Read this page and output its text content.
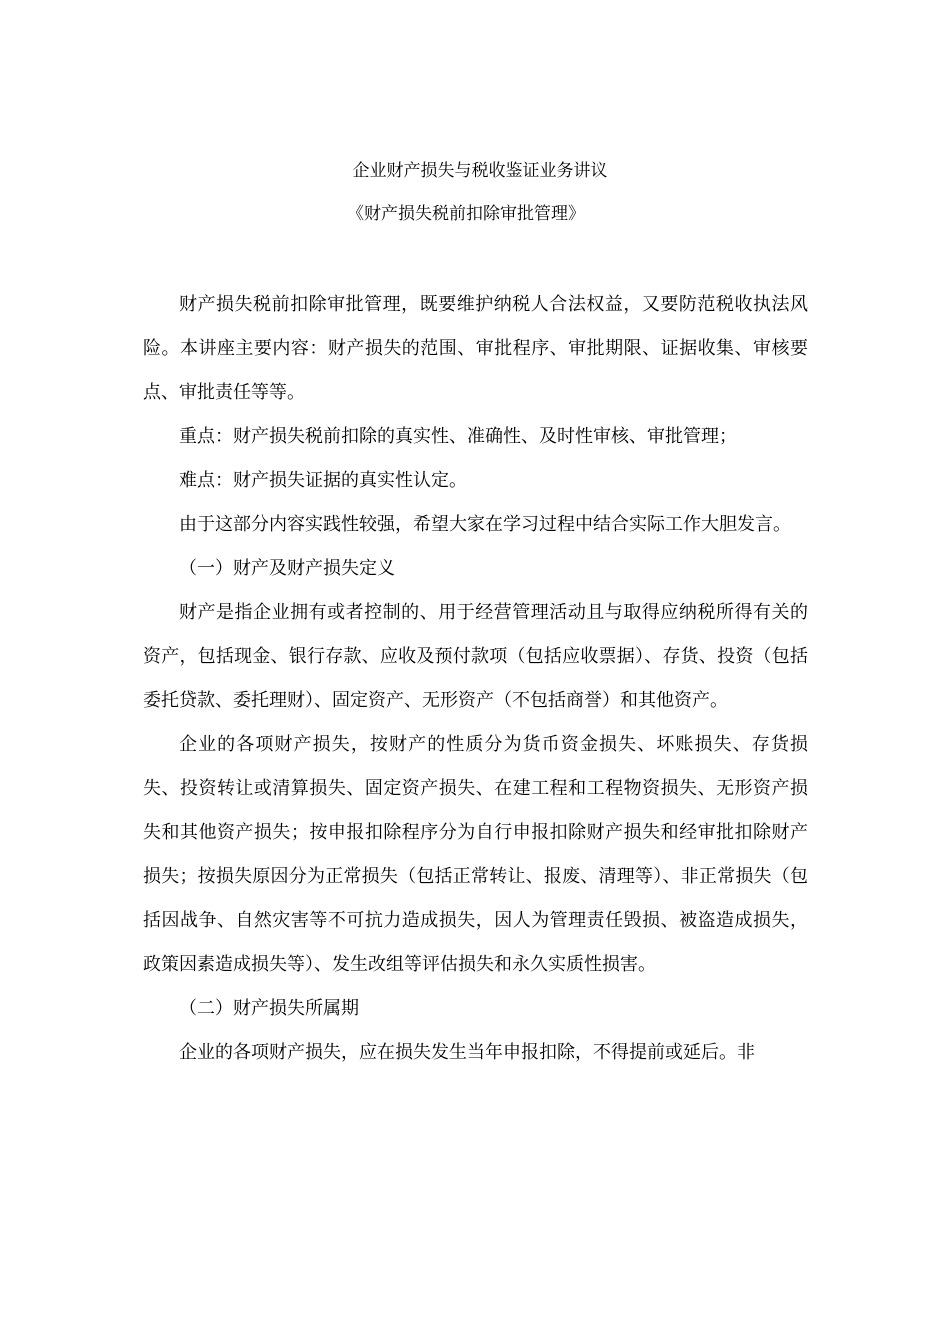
企业财产损失与税收鉴证业务讲议
《财产损失税前扣除审批管理》

财产损失税前扣除审批管理，既要维护纳税人合法权益，又要防范税收执法风险。本讲座主要内容：财产损失的范围、审批程序、审批期限、证据收集、审核要点、审批责任等等。

重点：财产损失税前扣除的真实性、准确性、及时性审核、审批管理；

难点：财产损失证据的真实性认定。

由于这部分内容实践性较强，希望大家在学习过程中结合实际工作大胆发言。

（一）财产及财产损失定义

财产是指企业拥有或者控制的、用于经营管理活动且与取得应纳税所得有关的资产，包括现金、银行存款、应收及预付款项（包括应收票据）、存货、投资（包括委托贷款、委托理财）、固定资产、无形资产（不包括商誉）和其他资产。

企业的各项财产损失，按财产的性质分为货币资金损失、坏账损失、存货损失、投资转让或清算损失、固定资产损失、在建工程和工程物资损失、无形资产损失和其他资产损失；按申报扣除程序分为自行申报扣除财产损失和经审批扣除财产损失；按损失原因分为正常损失（包括正常转让、报废、清理等）、非正常损失（包括因战争、自然灾害等不可抗力造成损失，因人为管理责任毁损、被盗造成损失，政策因素造成损失等）、发生改组等评估损失和永久实质性损害。

（二）财产损失所属期

企业的各项财产损失，应在损失发生当年申报扣除，不得提前或延后。非
